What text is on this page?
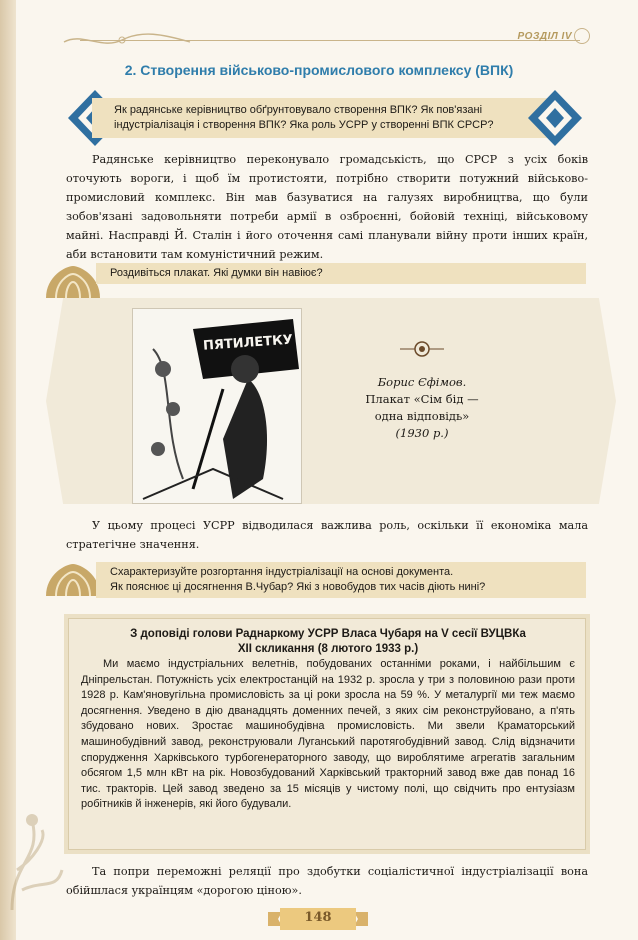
РОЗДІЛ IV
2. Створення військово-промислового комплексу (ВПК)
Як радянське керівництво обґрунтовувало створення ВПК? Як пов'язані
індустріалізація і створення ВПК? Яка роль УСРР у створенні ВПК СРСР?

Радянське керівництво переконувало громадськість, що СРСР з усіх боків оточують вороги, і щоб їм протистояти, потрібно створити потужний військово-промисловий комплекс. Він мав базуватися на галузях виробництва, що були зобов'язані задовольняти потреби армії в озброєнні, бойовій техніці, військовому майні. Насправді Й. Сталін і його оточення самі планували війну проти інших країн, аби встановити там комуністичний режим.

Роздивіться плакат. Які думки він навіює?
ПЯТИЛЕТКУ
Борис Єфімов.
Плакат «Сім бід —
одна відповідь»
(1930 р.)

У цьому процесі УСРР відводилася важлива роль, оскільки її економіка мала стратегічне значення.

Схарактеризуйте розгортання індустріалізації на основі документа.
Як пояснює ці досягнення В.Чубар? Які з новобудов тих часів діють нині?
З доповіді голови Раднаркому УСРР Власа Чубаря на V сесії ВУЦВКа
XII скликання (8 лютого 1933 р.)

Ми маємо індустріальних велетнів, побудованих останніми роками, і найбільшим є Дніпрельстан. Потужність усіх електростанцій на 1932 р. зросла у три з половиною рази проти 1928 р. Кам'яновугільна промисловість за ці роки зросла на 59 %. У металургії ми теж маємо досягнення. Уведено в дію дванадцять доменних печей, з яких сім реконструйовано, а п'ять збудовано нових. Зростає машинобудівна промисловість. Ми звели Краматорський машинобудівний завод, реконструювали Луганський паротягобудівний завод. Слід відзначити спорудження Харківського турбогенераторного заводу, що вироблятиме агрегатів загальним обсягом 1,5 млн кВт на рік. Новозбудований Харківський тракторний завод вже дав понад 16 тис. тракторів. Цей завод зведено за 15 місяців у чистому полі, що свідчить про ентузіазм робітників й інженерів, які його будували.

Та попри переможні реляції про здобутки соціалістичної індустріалізації вона обійшлася українцям «дорогою ціною».

148
